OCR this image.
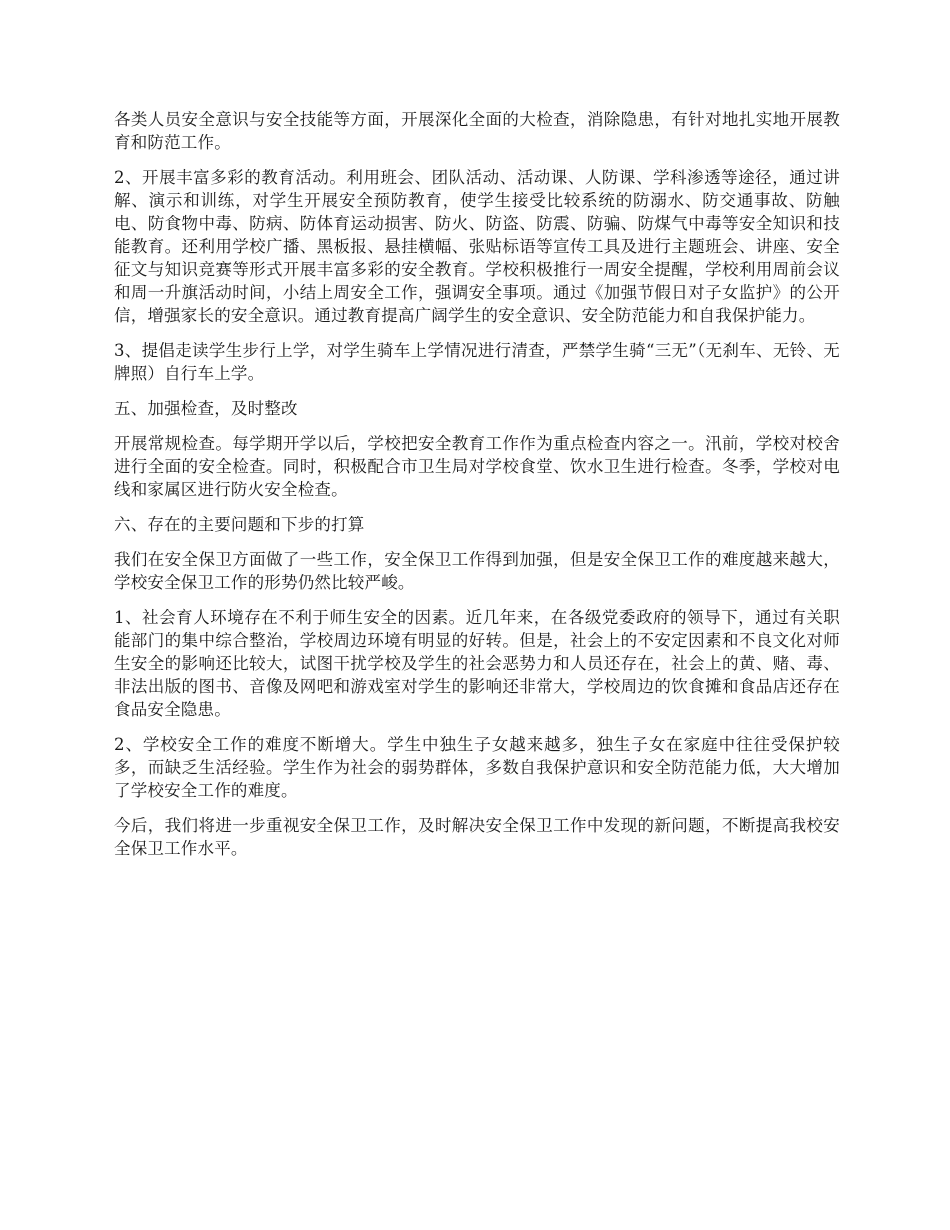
各类人员安全意识与安全技能等方面，开展深化全面的大检查，消除隐患，有针对地扎实地开展教育和防范工作。

2、开展丰富多彩的教育活动。利用班会、团队活动、活动课、人防课、学科渗透等途径，通过讲解、演示和训练，对学生开展安全预防教育，使学生接受比较系统的防溺水、防交通事故、防触电、防食物中毒、防病、防体育运动损害、防火、防盗、防震、防骗、防煤气中毒等安全知识和技能教育。还利用学校广播、黑板报、悬挂横幅、张贴标语等宣传工具及进行主题班会、讲座、安全征文与知识竞赛等形式开展丰富多彩的安全教育。学校积极推行一周安全提醒，学校利用周前会议和周一升旗活动时间，小结上周安全工作，强调安全事项。通过《加强节假日对子女监护》的公开信，增强家长的安全意识。通过教育提高广阔学生的安全意识、安全防范能力和自我保护能力。

3、提倡走读学生步行上学，对学生骑车上学情况进行清查，严禁学生骑“三无”（无刹车、无铃、无牌照）自行车上学。

五、加强检查，及时整改

开展常规检查。每学期开学以后，学校把安全教育工作作为重点检查内容之一。汛前，学校对校舍进行全面的安全检查。同时，积极配合市卫生局对学校食堂、饮水卫生进行检查。冬季，学校对电线和家属区进行防火安全检查。

六、存在的主要问题和下步的打算

我们在安全保卫方面做了一些工作，安全保卫工作得到加强，但是安全保卫工作的难度越来越大，学校安全保卫工作的形势仍然比较严峻。

1、社会育人环境存在不利于师生安全的因素。近几年来，在各级党委政府的领导下，通过有关职能部门的集中综合整治，学校周边环境有明显的好转。但是，社会上的不安定因素和不良文化对师生安全的影响还比较大，试图干扰学校及学生的社会恶势力和人员还存在，社会上的黄、赌、毒、非法出版的图书、音像及网吧和游戏室对学生的影响还非常大，学校周边的饮食摊和食品店还存在食品安全隐患。

2、学校安全工作的难度不断增大。学生中独生子女越来越多，独生子女在家庭中往往受保护较多，而缺乏生活经验。学生作为社会的弱势群体，多数自我保护意识和安全防范能力低，大大增加了学校安全工作的难度。

今后，我们将进一步重视安全保卫工作，及时解决安全保卫工作中发现的新问题，不断提高我校安全保卫工作水平。
